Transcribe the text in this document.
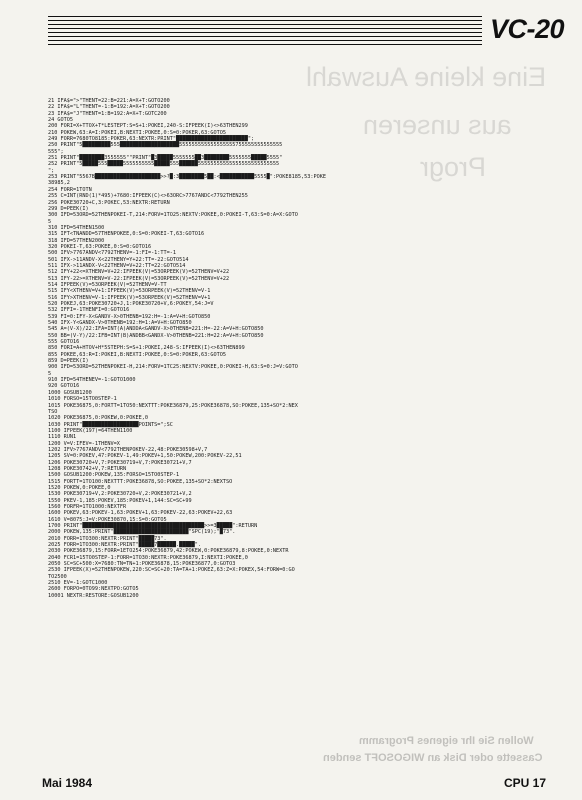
VC-20
Eine kleine Auswahl
aus unseren
Progr
Wollen Sie Ihr eigenes Programm
Cassette oder Disk an WIGOSOFT senden
21 IFA$=">"THENT=22:B=221:A=X+T:GOTO200
22 IFA$="L"THENT=-1:B=192:A=X+T:GOTO200
23 IFA$="J"THENT=1:B=192:A=X+T:GOTC200
24 GOTO5
200 FORI=X+TTOX+T*LESTEPT:S=S+1:POKEI,240-S:IFPEEK(I)<>63THEN299
210 POKEW,63:A=I:POKEI,B:NEXTI:POKEE,0:S=0:POKER,63:GOTO5
249 FORR=7680TO8185:POKER,63:NEXTR:PRINT"███████████████████████";
250 PRINT"5█████████555███████████████████555555555555555555755555555555555
555";
251 PRINT"████████3555555""PRINT"█3█████5555555██3████████5555555█████5555"
252 PRINT"5█████555█████5555555555█████555██████55555555555555555555555555
";
253 PRINT"5567B█████████████████████>>?█:3████████5██:<███████████5555█":POKE8185,53:POKE
38985,2
254 FORR=1TOTN
255 C=INT(RND(1)*495)+7680:IFPEEK(C)<>63ORC>7767ANDC<7792THEN255
256 POKE30720+C,3:POKEC,53:NEXTR:RETURN
299 D=PEEK(I)
300 IFD=53ORD=52THENPOKEI-T,214:FORV=1TO25:NEXTV:POKEE,0:POKEI-T,63:S=0:A=X:GOTO
5
310 IFD=54THEN1500
315 IFT<TNANDD=57THENPOKEE,0:S=0:POKEI-T,63:GOTO16
318 IFD=57THEN2000
320 POKEI-T,63:POKEE,0:S=0:GOTO16
500 IFV>7767ANDV<7792THENV=-1:FI=-1:TT=-1
501 IFX->11ANDV-X<22THENY=Y+22:TT=-22:GOTO514
511 IFX->11ANDX-V<22THENV=V+22:TT=22:GOTO514
512 IFY+22<=XTHENV=V+22:IFPEEK(V)=53ORPEEK(V)=52THENV=V+22
513 IFY-22>=XTHENV=V-22:IFPEEK(V)=53ORPEEK(V)=52THENV=V+22
514 IFPEEK(V)=53ORPEEK(V)=52THENV=V-TT
515 IFY<XTHENV=V+1:IFPEEK(V)=53ORPEEK(V)=52THENV=V-1
516 IFY>XTHENV=V-1:IFPEEK(V)=53ORPEEK(V)=52THENV=V+1
520 POKEJ,63:POKE30720+J,1:POKE30720+V,6:POKEY,54:J=V
532 IFFI=-1THENFI=0:GOTO16
539 FI=0:IFY-X<GANDV-X>0THENB=192:H=-1:A=V+H:GOTO850
540 IFX-Y<GANDX-V>0THENB=192:H=1:A=V+H:GOTO850
545 A=(V-X)/22:IFA=INT(A)ANDDA<GANDV-X>0THENB=221:H=-22:A=V+H:GOTO850
550 BB=(V-Y)/22:IFB=INT(B)ANDBB<GANDX-V>0THENB=221:H=22:A=V+H:GOTO850
555 GOTO16
850 FORI=A+HTOV+H*5STEPH:S=S+1:POKEI,248-S:IFPEEK(I)<>63THEN899
855 POKEE,63:R=I:POKEI,B:NEXTI:POKEE,0:S=0:POKER,63:GOTO5
859 D=PEEK(I)
900 IFD=53ORD=52THENPOKEI-H,214:FORV=1TC25:NEXTV:POKEE,0:POKEI-H,63:S=0:J=V:GOTO
5
910 IFD=54THENEV=-1:GOTO1000
920 GOTO16
1000 GOSUB1200
1010 FORSO=15TO0STEP-1
1015 POKE36875,0:FORTT=1TO50:NEXTTT:POKE36879,25:POKE36878,SO:POKEE,135+SO*2:NEX
TSO
1020 POKE36875,0:POKEW,0:POKEE,0
1030 PRINT"██████████████████POINTS=";SC
1100 IFPEEK(197)=64THEN1100
1110 RUN1
1200 V=V:IFEV=-1THENV=X
1202 IFV>7767ANDV<7792THENPOKEV-22,48:POKE30598+V,7
1205 SV=0:POKEV,47:POKEV-1,49:POKEV+1,50:POKEW,200:POKEV-22,51
1206 POKE30720+V,7:POKE30719+V,7:POKE30721+V,7
1208 POKE30742+V,7:RETURN
1500 GOSUB1200:POKEW,135:FORSO=15TO0STEP-1
1515 FORTT=1TO100:NEXTTT:POKE36878,SO:POKEE,135+SO*2:NEXTSO
1520 POKEW,0:POKEE,0
1530 POKE30719+V,2:POKE30720+V,2:POKE30721+V,2
1550 PKEV-1,185:POKEV,185:POKEV+1,144:SC=SC+99
1560 FORFR=1TO1000:NEXTFR
1600 POKEV,63:POKEV-1,63:POKEV+1,63:POKEV-22,63:POKEV+22,63
1610 V=8075:J=V:POKE30870,15:S=0:GOTO5
1700 PRINT"███████████████████████████████████████>>=3█████":RETURN
2000 POKEW,135:PRINT"████████████████████████"SPC(19);"█73".
2010 FORR=1TO300:NEXTR:PRINT"█████73".
2025 FORR=1TO300:NEXTR:PRINT"█████7██████.█████".
2030 POKE36879,15:FORR=1ETO254:POKE36879,42:POKEW,0:POKE36879,8:POKEE,0:NEXTR
2040 FCR1=15TO0STEP-1:FORR=1TO30:NEXTR:POKE36879,I:NEXTI:POKEE,0
2050 SC=SC+500:X=7680:TN=TN+1:POKE36878,15:POKE36877,0:GOTO3
2530 IFPEEK(X)=52THENPOKEW,220:SC=SC+20:TA=TA+1:POKEZ,63:Z=X:POKEX,54:FORW=0:GO
TO2500
2510 EV=-1:GOTC1000
2600 FORPO=0TO99:NEXTPO:GOTO5
10001 NEXTR:RESTORE:GOSUB1200
Mai 1984	CPU 17
